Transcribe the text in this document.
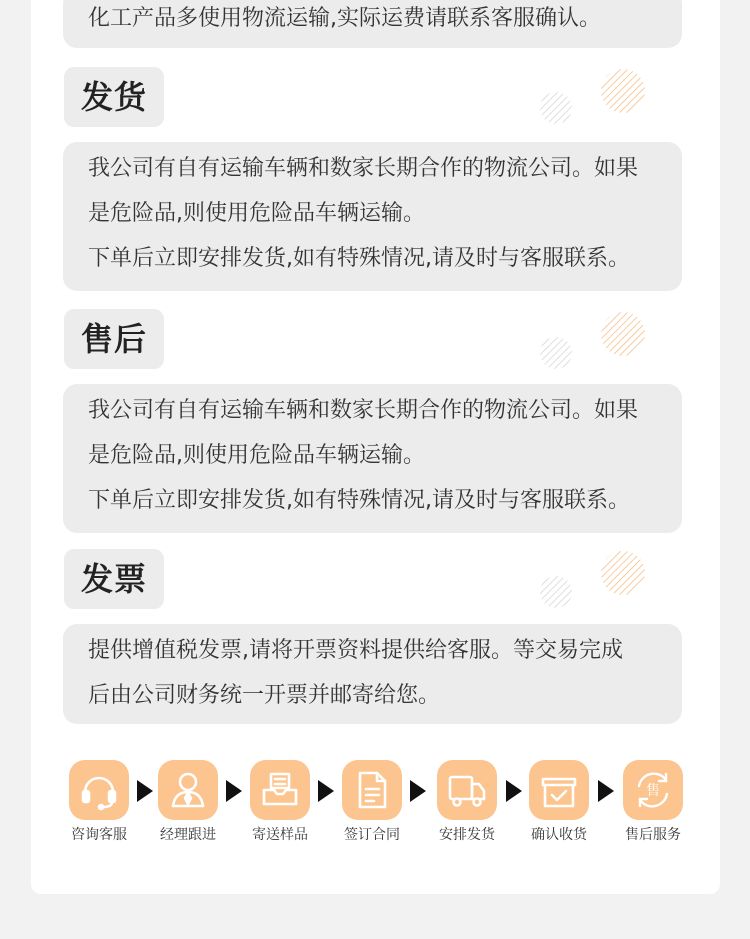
化工产品多使用物流运输,实际运费请联系客服确认。

发货

我公司有自有运输车辆和数家长期合作的物流公司。如果

是危险品,则使用危险品车辆运输。

下单后立即安排发货,如有特殊情况,请及时与客服联系。

售后

我公司有自有运输车辆和数家长期合作的物流公司。如果

是危险品,则使用危险品车辆运输。

下单后立即安排发货,如有特殊情况,请及时与客服联系。

发票

提供增值税发票,请将开票资料提供给客服。等交易完成

后由公司财务统一开票并邮寄给您。

咨询客服	经理跟进	寄送样品	签订合同	安排发货	确认收货
售
售后服务
